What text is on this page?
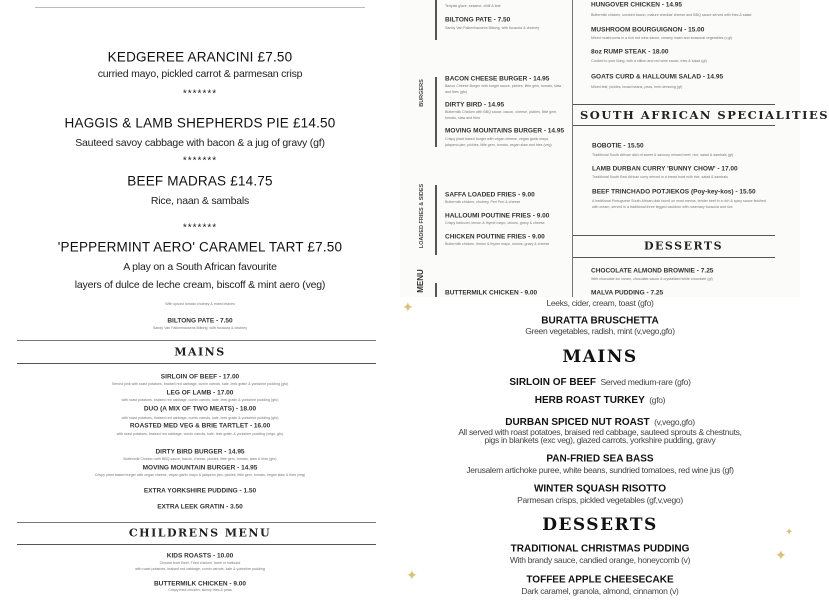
KEDGEREE ARANCINI £7.50
curried mayo, pickled carrot & parmesan crisp
*******
HAGGIS & LAMB SHEPHERDS PIE £14.50
Sauteed savoy cabbage with bacon & a jug of gravy (gf)
*******
BEEF MADRAS £14.75
Rice, naan & sambals
*******
'PEPPERMINT AERO' CARAMEL TART £7.50
A play on a South African favourite
layers of dulce de leche cream, biscoff & mint aero (veg)
BURGERS
LOADED FRIES & SIDES
MENU
Teriyaki glaze, sesame, chilli & leaf
BILTONG PATE - 7.50
Sandy Van Falkenhausens Biltong, with focaccia & chutney
BACON CHEESE BURGER - 14.95
Bacon Cheese Burger with burger sauce, pickles, little gem, tomato, slaw and fries (gfo)
DIRTY BIRD - 14.95
Buttermilk Chicken with BBQ sauce, bacon, cheese, pickles, little gem, tomato, slaw and fries
MOVING MOUNTAINS BURGER - 14.95
Crispy plant based burger with vegan cheese, vegan garlic mayo, jalapeno jam, pickles, little gem, tomato, vegan slaw and fries (veg)
SAFFA LOADED FRIES - 9.00
Buttermilk chicken, chutney, Peri Peri & cheese
HALLOUMI POUTINE FRIES - 9.00
Crispy halloumi, lemon & thyme mayo, onions, gravy & cheese
CHICKEN POUTINE FRIES - 9.00
Buttermilk chicken, lemon & thyme mayo, onions, gravy & cheese
BUTTERMILK CHICKEN - 9.00
HUNGOVER CHICKEN - 14.95
Buttermilk chicken, smoked bacon, mature cheddar cheese and BBQ sauce served with fries & salad
MUSHROOM BOURGUIGNON - 15.00
Mixed mushrooms in a rich red wine sauce, creamy mash and seasonal vegetables (v,gf)
8oz RUMP STEAK - 18.00
Cooked to your liking, with a stilton and red wine sauce, fries & salad (gf)
GOATS CURD & HALLOUMI SALAD - 14.95
Mixed leaf, pickles, broad beans, peas, herb dressing (gf)
SOUTH AFRICAN SPECIALITIES
BOBOTIE - 15.50
Traditional South African dish of sweet & savoury minced beef, rice, salad & sambals (gf)
LAMB DURBAN CURRY 'BUNNY CHOW' - 17.00
Traditional South East African curry served in a bread bowl with rice, salad & sambals
BEEF TRINCHADO POTJIEKOS (Poy-key-kos) - 15.50
A traditional Portuguese South African dish found on most menus, tender beef in a rich & spicy sauce finished with cream, served in a traditional three legged cauldron with rosemary focaccia and rice
DESSERTS
CHOCOLATE ALMOND BROWNIE - 7.25
With chocolate ice cream, chocolate sauce & crystalised white chocolate (gf)
MALVA PUDDING - 7.25
With spiced tomato chutney & mixed leaves
BILTONG PATE - 7.50
Sandy Van Falkenhausens Biltong, with focaccia & chutney
MAINS
SIRLOIN OF BEEF - 17.00
Served pink with roast potatoes, braised red cabbage, cumin carrots, kale, leek gratin & yorkshire pudding (gfo)
LEG OF LAMB - 17.00
with roast potatoes, braised red cabbage, cumin carrots, kale, leek gratin & yorkshire pudding (gfo)
DUO (A MIX OF TWO MEATS) - 18.00
with roast potatoes, braised red cabbage, cumin carrots, kale, leek gratin & yorkshire pudding (gfo)
ROASTED MED VEG & BRIE TARTLET - 16.00
with roast potatoes, braised red cabbage, cumin carrots, kale, leek gratin & yorkshire pudding (vego, gfo)
DIRTY BIRD BURGER - 14.95
Buttermilk Chicken with BBQ sauce, bacon, cheese, pickles, little gem, tomato, slaw & fries (gfo)
MOVING MOUNTAIN BURGER - 14.95
Crispy plant based burger with vegan cheese, vegan garlic mayo & jalapeno jam, pickles, little gem, tomato, vegan slaw & fries (veg)
EXTRA YORKSHIRE PUDDING - 1.50
EXTRA LEEK GRATIN - 3.50
CHILDRENS MENU
KIDS ROASTS - 10.00
Choose from Beef, Fried chicken, lamb or halloumi
with roast potatoes, braised red cabbage, cumin carrots, kale & yorkshire pudding
BUTTERMILK CHICKEN - 9.00
Crispy fried chicken, skinny fries & peas
✦
✦
✦
✦
Leeks, cider, cream, toast (gfo)
BURATTA BRUSCHETTA
Green vegetables, radish, mint (v,vego,gfo)
MAINS
SIRLOIN OF BEEF Served medium-rare (gfo)
HERB ROAST TURKEY (gfo)
DURBAN SPICED NUT ROAST (v,vego,gfo)
All served with roast potatoes, braised red cabbage, sauteed sprouts & chestnuts,
pigs in blankets (exc veg), glazed carrots, yorkshire pudding, gravy
PAN-FRIED SEA BASS
Jerusalem artichoke puree, white beans, sundried tomatoes, red wine jus (gf)
WINTER SQUASH RISOTTO
Parmesan crisps, pickled vegetables (gf,v,vego)
DESSERTS
TRADITIONAL CHRISTMAS PUDDING
With brandy sauce, candied orange, honeycomb (v)
TOFFEE APPLE CHEESECAKE
Dark caramel, granola, almond, cinnamon (v)
